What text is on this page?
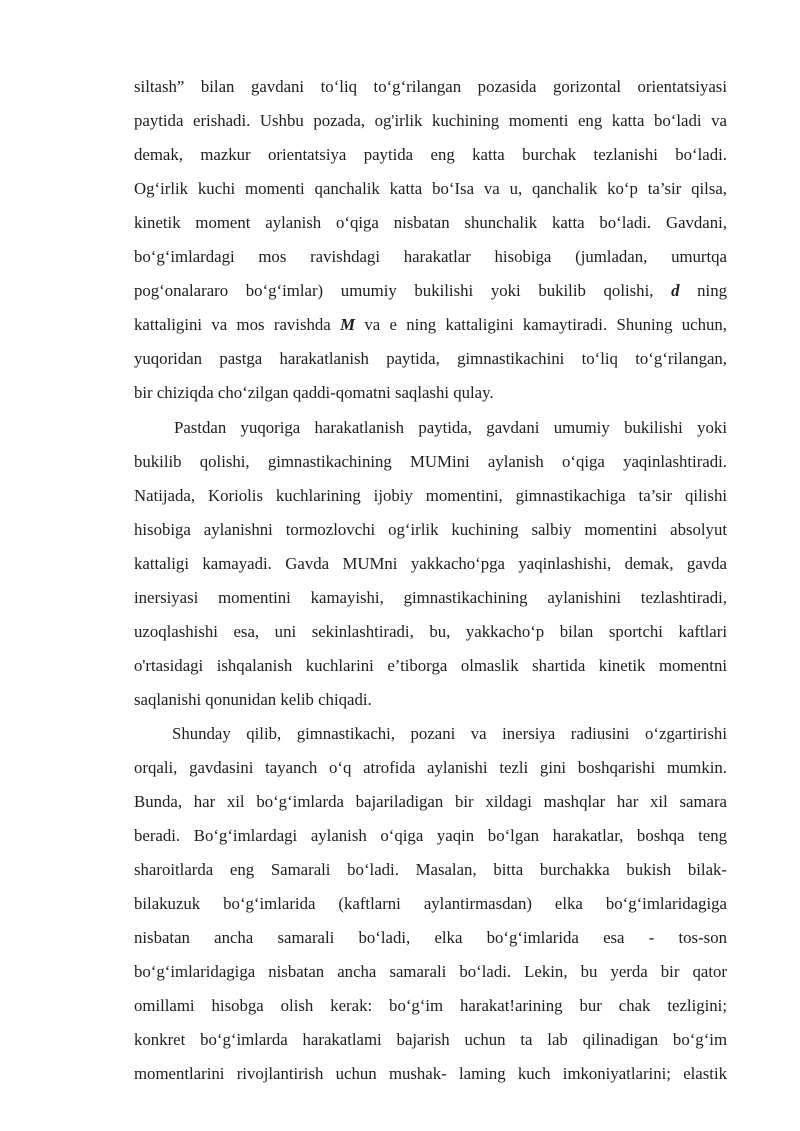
siltash” bilan gavdani to‘liq to‘g‘rilangan pozasida gorizontal orientatsiyasi
paytida erishadi. Ushbu pozada, og'irlik kuchining momenti eng katta bo‘ladi va
demak, mazkur orientatsiya paytida eng katta burchak tezlanishi bo‘ladi.
Og‘irlik kuchi momenti qanchalik katta bo‘Isa va u, qanchalik ko‘p ta’sir qilsa,
kinetik moment aylanish o‘qiga nisbatan shunchalik katta bo‘ladi. Gavdani,
bo‘g‘imlardagi mos ravishdagi harakatlar hisobiga (jumladan, umurtqa
pog‘onalararo bo‘g‘imlar) umumiy bukilishi yoki bukilib qolishi, d ning
kattaligini va mos ravishda M va e ning kattaligini kamaytiradi. Shuning uchun,
yuqoridan pastga harakatlanish paytida, gimnastikachini to‘liq to‘g‘rilangan,
bir chiziqda cho‘zilgan qaddi-qomatni saqlashi qulay.
Pastdan yuqoriga harakatlanish paytida, gavdani umumiy bukilishi yoki
bukilib qolishi, gimnastikachining MUMini aylanish o‘qiga yaqinlashtiradi.
Natijada, Koriolis kuchlarining ijobiy momentini, gimnastikachiga ta’sir qilishi
hisobiga aylanishni tormozlovchi og‘irlik kuchining salbiy momentini absolyut
kattaligi kamayadi. Gavda MUMni yakkacho‘pga yaqinlashishi, demak, gavda
inersiyasi momentini kamayishi, gimnastikachining aylanishini tezlashtiradi,
uzoqlashishi esa, uni sekinlashtiradi, bu, yakkacho‘p bilan sportchi kaftlari
o'rtasidagi ishqalanish kuchlarini e’tiborga olmaslik shartida kinetik momentni
saqlanishi qonunidan kelib chiqadi.
Shunday qilib, gimnastikachi, pozani va inersiya radiusini o‘zgartirishi
orqali, gavdasini tayanch o‘q atrofida aylanishi tezli gini boshqarishi mumkin.
Bunda, har xil bo‘g‘imlarda bajariladigan bir xildagi mashqlar har xil samara
beradi. Bo‘g‘imlardagi aylanish o‘qiga yaqin bo‘lgan harakatlar, boshqa teng
sharoitlarda eng Samarali bo‘ladi. Masalan, bitta burchakka bukish bilak-
bilakuzuk bo‘g‘imlarida (kaftlarni aylantirmasdan) elka bo‘g‘imlaridagiga
nisbatan ancha samarali bo‘ladi, elka bo‘g‘imlarida esa - tos-son
bo‘g‘imlaridagiga nisbatan ancha samarali bo‘ladi. Lekin, bu yerda bir qator
omillami hisobga olish kerak: bo‘g‘im harakat!arining bur chak tezligini;
konkret bo‘g‘imlarda harakatlami bajarish uchun ta lab qilinadigan bo‘g‘im
momentlarini rivojlantirish uchun mushak- laming kuch imkoniyatlarini; elastik
